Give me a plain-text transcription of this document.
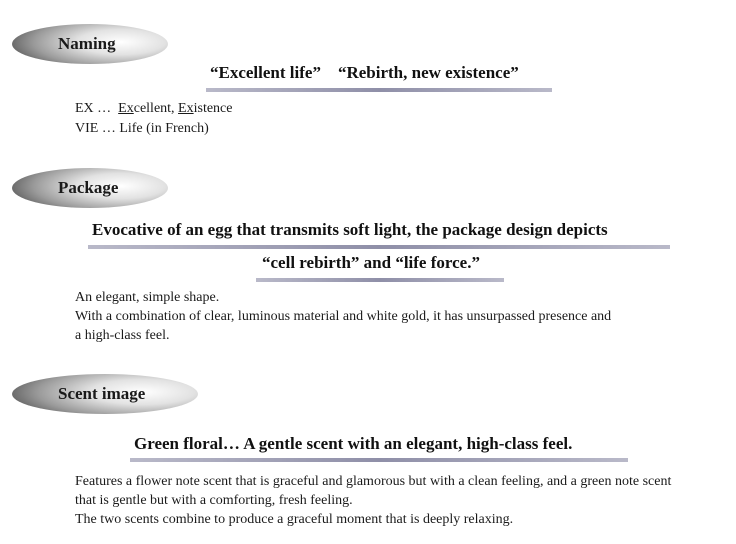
Naming
“Excellent life” “Rebirth, new existence”
EX … Excellent, Existence
VIE … Life (in French)
Package
Evocative of an egg that transmits soft light, the package design depicts
“cell rebirth” and “life force.”
An elegant, simple shape.
With a combination of clear, luminous material and white gold, it has unsurpassed presence and
a high-class feel.
Scent image
Green floral… A gentle scent with an elegant, high-class feel.
Features a flower note scent that is graceful and glamorous but with a clean feeling, and a green note scent
that is gentle but with a comforting, fresh feeling.
The two scents combine to produce a graceful moment that is deeply relaxing.
